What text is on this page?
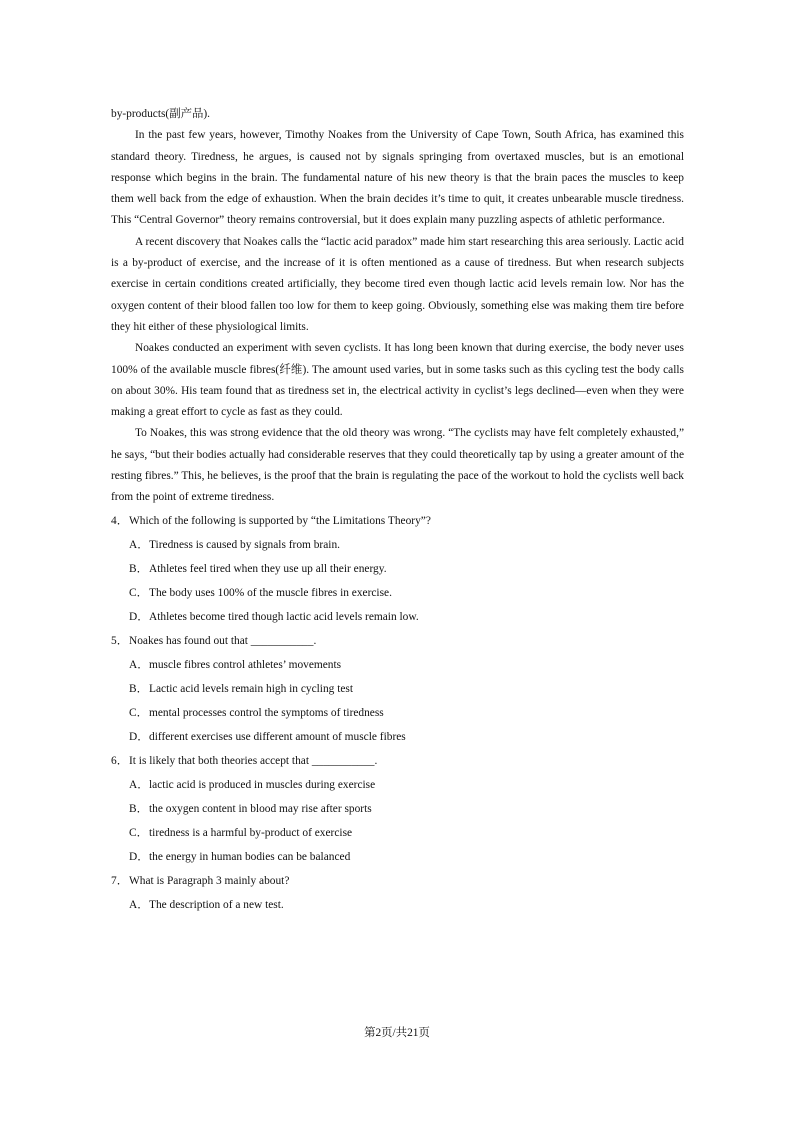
by-products(副产品).

In the past few years, however, Timothy Noakes from the University of Cape Town, South Africa, has examined this standard theory. Tiredness, he argues, is caused not by signals springing from overtaxed muscles, but is an emotional response which begins in the brain. The fundamental nature of his new theory is that the brain paces the muscles to keep them well back from the edge of exhaustion. When the brain decides it’s time to quit, it creates unbearable muscle tiredness. This “Central Governor” theory remains controversial, but it does explain many puzzling aspects of athletic performance.

A recent discovery that Noakes calls the “lactic acid paradox” made him start researching this area seriously. Lactic acid is a by-product of exercise, and the increase of it is often mentioned as a cause of tiredness. But when research subjects exercise in certain conditions created artificially, they become tired even though lactic acid levels remain low. Nor has the oxygen content of their blood fallen too low for them to keep going. Obviously, something else was making them tire before they hit either of these physiological limits.

Noakes conducted an experiment with seven cyclists. It has long been known that during exercise, the body never uses 100% of the available muscle fibres(纤维). The amount used varies, but in some tasks such as this cycling test the body calls on about 30%. His team found that as tiredness set in, the electrical activity in cyclist’s legs declined—even when they were making a great effort to cycle as fast as they could.

To Noakes, this was strong evidence that the old theory was wrong. “The cyclists may have felt completely exhausted,” he says, “but their bodies actually had considerable reserves that they could theoretically tap by using a greater amount of the resting fibres.” This, he believes, is the proof that the brain is regulating the pace of the workout to hold the cyclists well back from the point of extreme tiredness.

4．Which of the following is supported by “the Limitations Theory”?

A．Tiredness is caused by signals from brain.

B．Athletes feel tired when they use up all their energy.

C．The body uses 100% of the muscle fibres in exercise.

D．Athletes become tired though lactic acid levels remain low.

5．Noakes has found out that ___________.

A．muscle fibres control athletes’ movements

B．Lactic acid levels remain high in cycling test

C．mental processes control the symptoms of tiredness

D．different exercises use different amount of muscle fibres

6．It is likely that both theories accept that ___________.

A．lactic acid is produced in muscles during exercise

B．the oxygen content in blood may rise after sports

C．tiredness is a harmful by-product of exercise

D．the energy in human bodies can be balanced

7．What is Paragraph 3 mainly about?

A．The description of a new test.

第2页/共21页
